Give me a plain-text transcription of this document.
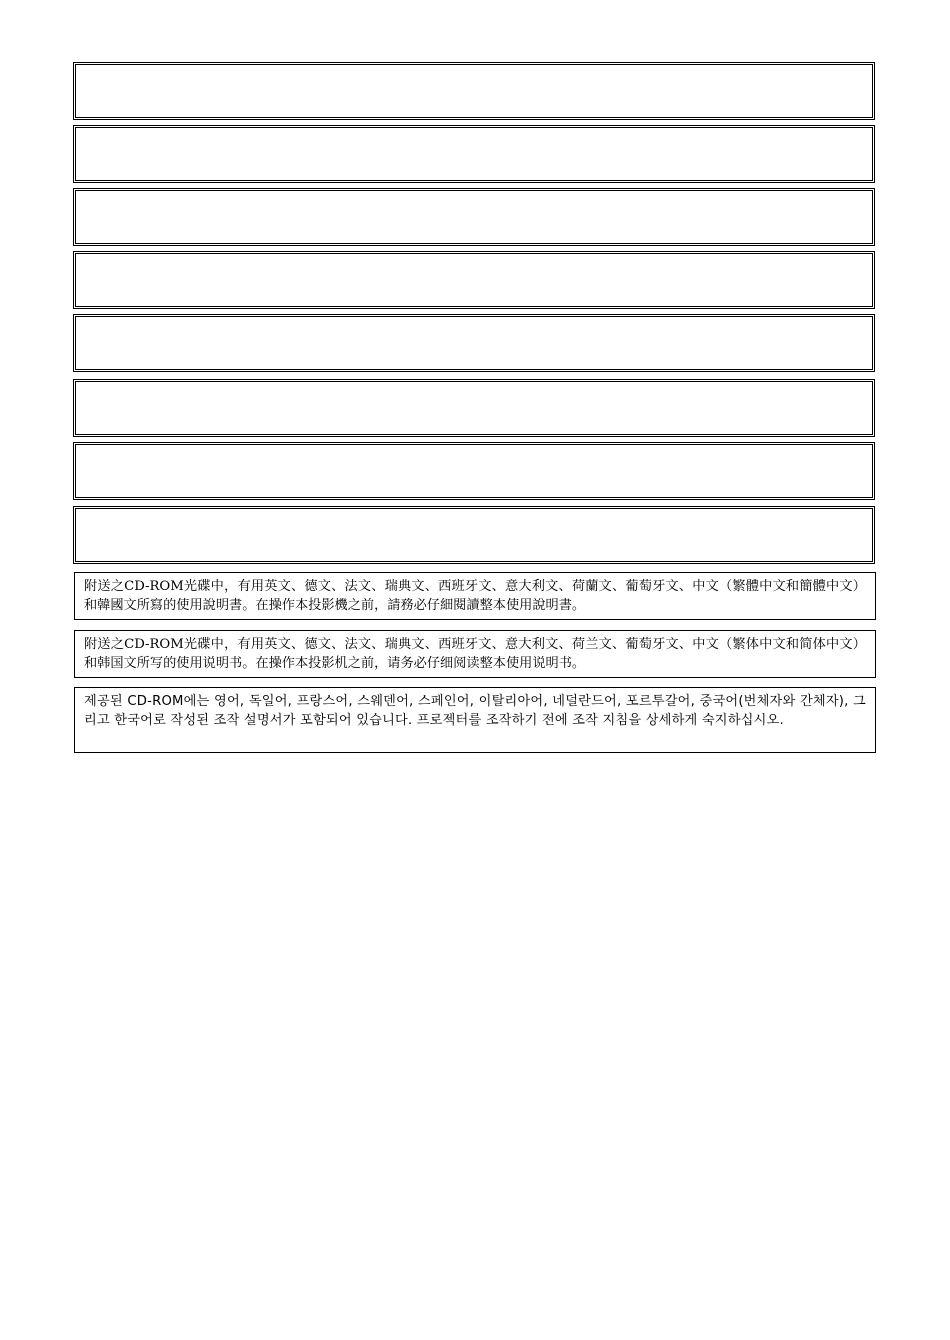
附送之CD-ROM光碟中，有用英文、德文、法文、瑞典文、西班牙文、意大利文、荷蘭文、葡萄牙文、中文（繁體中文和簡體中文）和韓國文所寫的使用說明書。在操作本投影機之前，請務必仔細閱讀整本使用說明書。
附送之CD-ROM光碟中，有用英文、德文、法文、瑞典文、西班牙文、意大利文、荷兰文、葡萄牙文、中文（繁体中文和简体中文）和韩国文所写的使用说明书。在操作本投影机之前，请务必仔细阅读整本使用说明书。
제공된 CD-ROM에는 영어, 독일어, 프랑스어, 스웨덴어, 스페인어, 이탈리아어, 네덜란드어, 포르투갈어, 중국어(번체자와 간체자), 그리고 한국어로 작성된 조작 설명서가 포함되어 있습니다. 프로젝터를 조작하기 전에 조작 지침을 상세하게 숙지하십시오.
